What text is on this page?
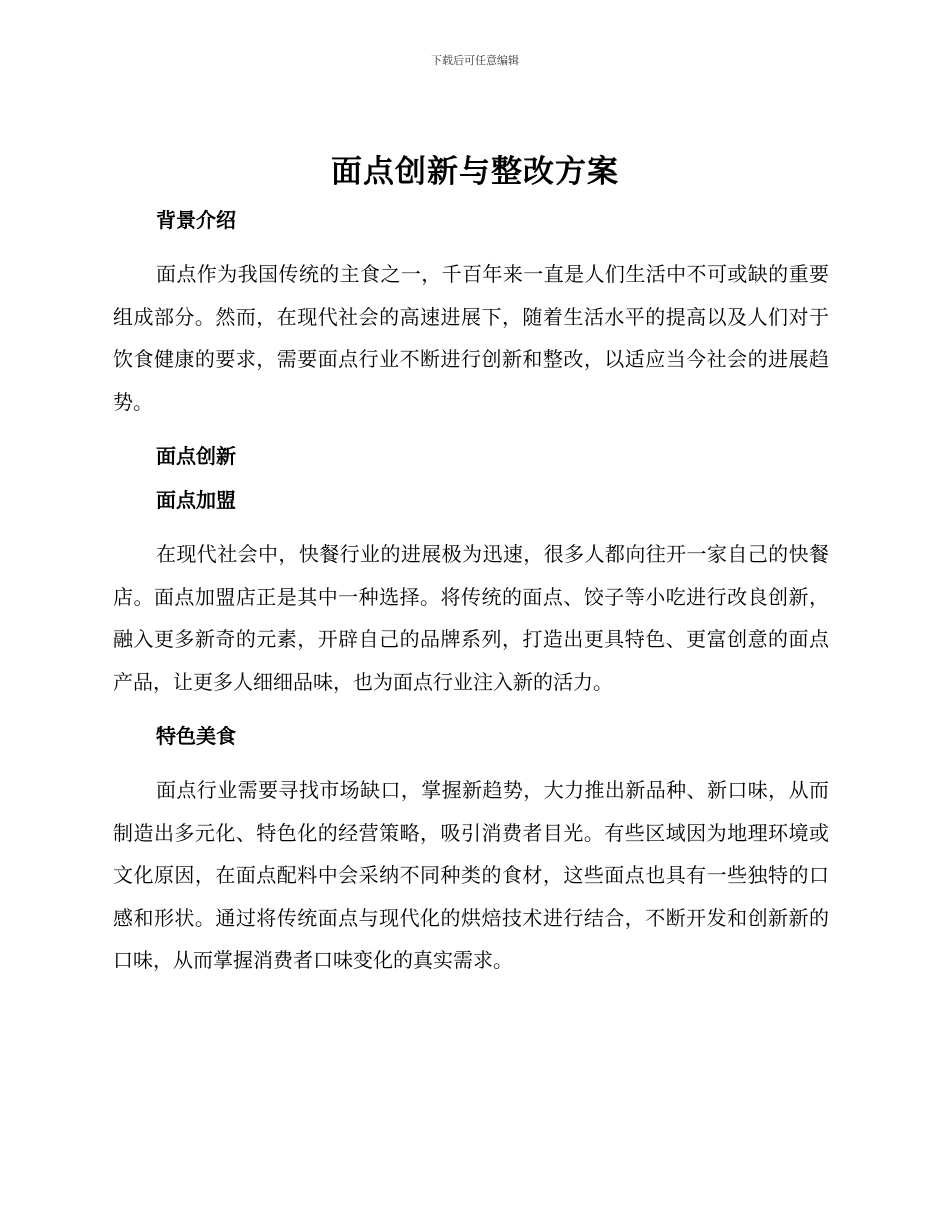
下载后可任意编辑
面点创新与整改方案
背景介绍

面点作为我国传统的主食之一，千百年来一直是人们生活中不可或缺的重要组成部分。然而，在现代社会的高速进展下，随着生活水平的提高以及人们对于饮食健康的要求，需要面点行业不断进行创新和整改，以适应当今社会的进展趋势。

面点创新
面点加盟

在现代社会中，快餐行业的进展极为迅速，很多人都向往开一家自己的快餐店。面点加盟店正是其中一种选择。将传统的面点、饺子等小吃进行改良创新，融入更多新奇的元素，开辟自己的品牌系列，打造出更具特色、更富创意的面点产品，让更多人细细品味，也为面点行业注入新的活力。

特色美食

面点行业需要寻找市场缺口，掌握新趋势，大力推出新品种、新口味，从而制造出多元化、特色化的经营策略，吸引消费者目光。有些区域因为地理环境或文化原因，在面点配料中会采纳不同种类的食材，这些面点也具有一些独特的口感和形状。通过将传统面点与现代化的烘焙技术进行结合，不断开发和创新新的口味，从而掌握消费者口味变化的真实需求。
